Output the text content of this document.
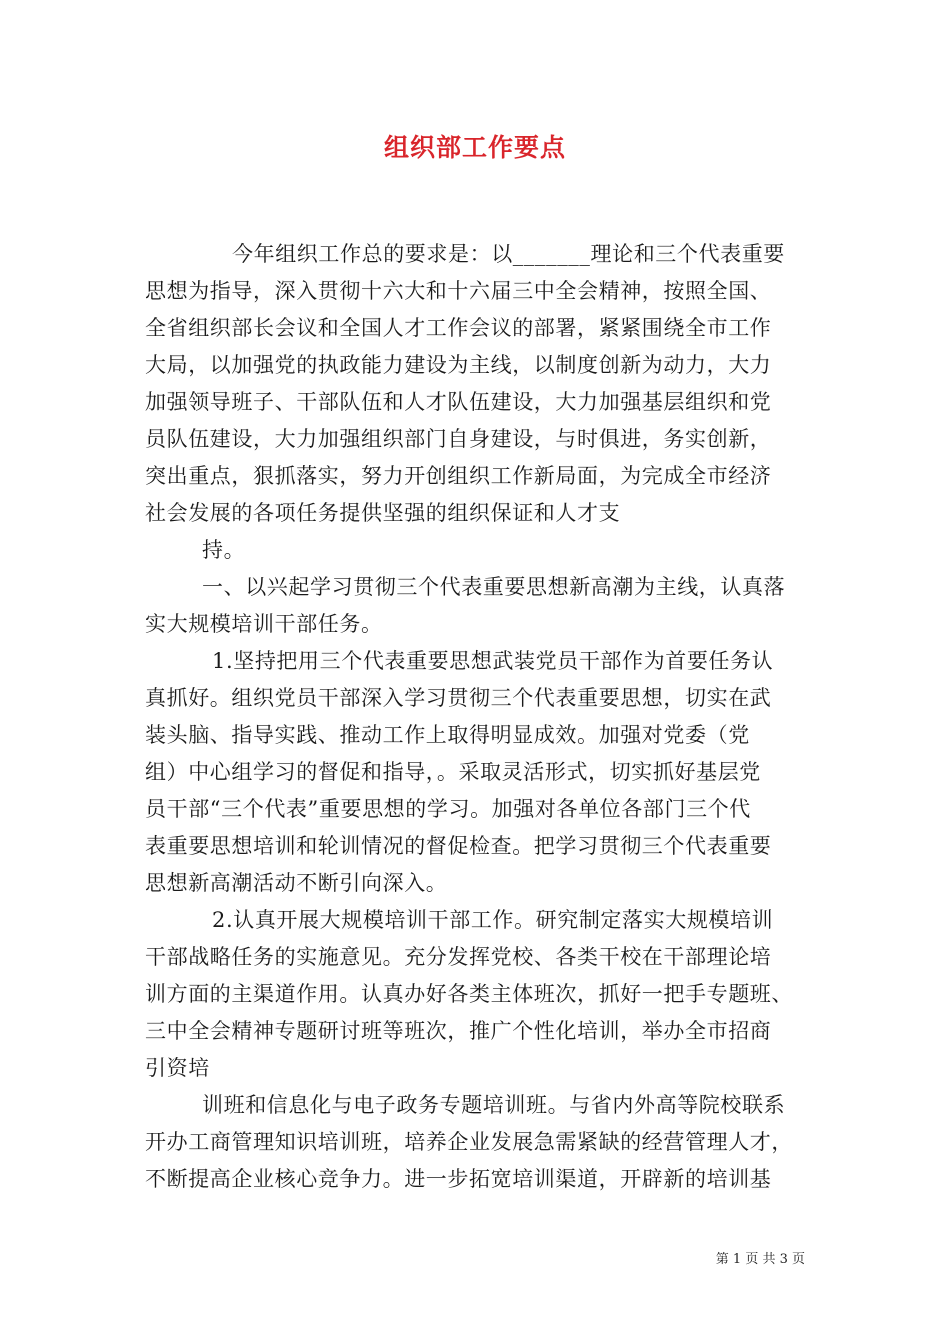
组织部工作要点
今年组织工作总的要求是：以_______理论和三个代表重要
思想为指导，深入贯彻十六大和十六届三中全会精神，按照全国、
全省组织部长会议和全国人才工作会议的部署，紧紧围绕全市工作
大局，以加强党的执政能力建设为主线，以制度创新为动力，大力
加强领导班子、干部队伍和人才队伍建设，大力加强基层组织和党
员队伍建设，大力加强组织部门自身建设，与时俱进，务实创新，
突出重点，狠抓落实，努力开创组织工作新局面，为完成全市经济
社会发展的各项任务提供坚强的组织保证和人才支
持。
一、以兴起学习贯彻三个代表重要思想新高潮为主线，认真落
实大规模培训干部任务。
1.坚持把用三个代表重要思想武装党员干部作为首要任务认
真抓好。组织党员干部深入学习贯彻三个代表重要思想，切实在武
装头脑、指导实践、推动工作上取得明显成效。加强对党委（党
组）中心组学习的督促和指导，。采取灵活形式，切实抓好基层党
员干部“三个代表”重要思想的学习。加强对各单位各部门三个代
表重要思想培训和轮训情况的督促检查。把学习贯彻三个代表重要
思想新高潮活动不断引向深入。
2.认真开展大规模培训干部工作。研究制定落实大规模培训
干部战略任务的实施意见。充分发挥党校、各类干校在干部理论培
训方面的主渠道作用。认真办好各类主体班次，抓好一把手专题班、
三中全会精神专题研讨班等班次，推广个性化培训，举办全市招商
引资培
训班和信息化与电子政务专题培训班。与省内外高等院校联系
开办工商管理知识培训班，培养企业发展急需紧缺的经营管理人才，
不断提高企业核心竞争力。进一步拓宽培训渠道，开辟新的培训基
第 1 页 共 3 页
